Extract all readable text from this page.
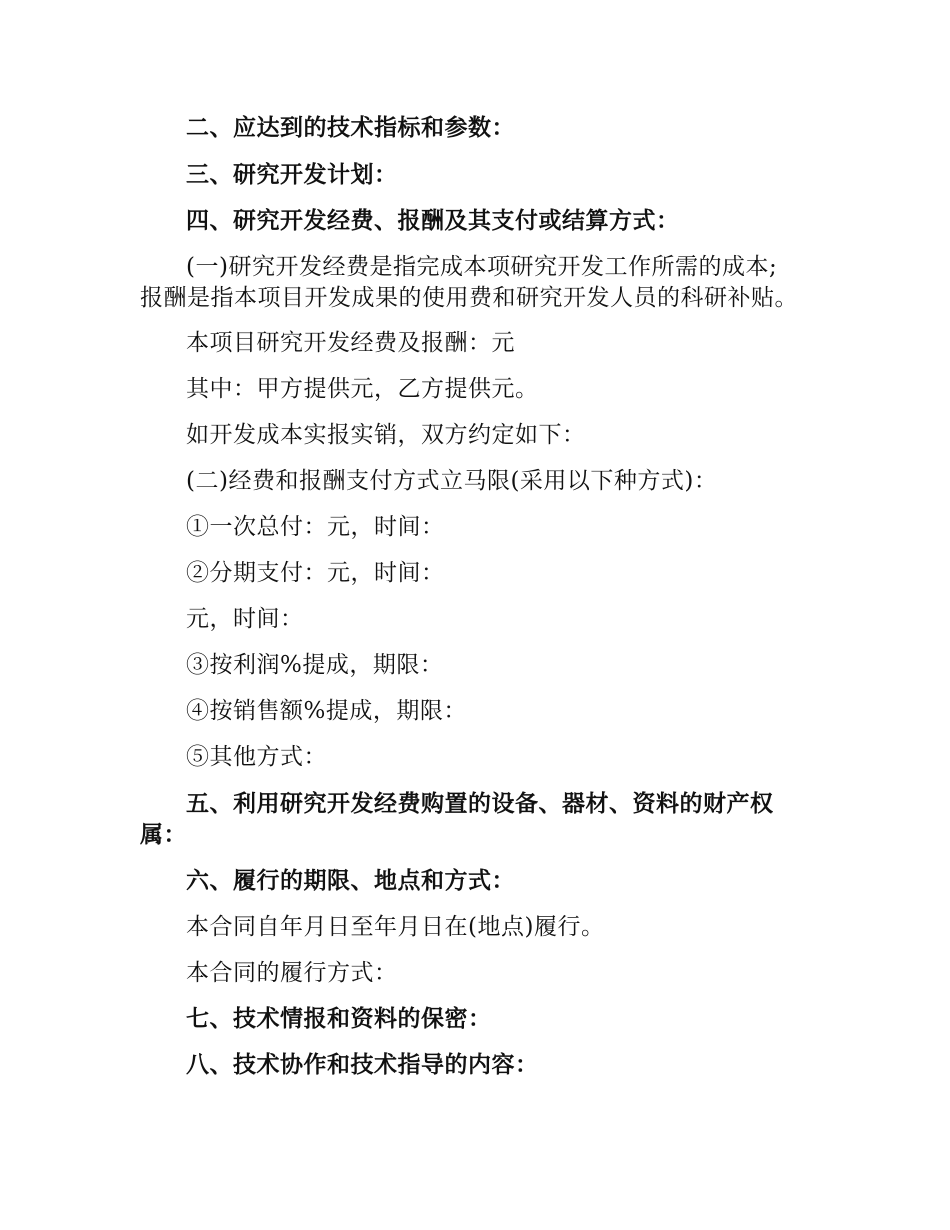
二、应达到的技术指标和参数：
三、研究开发计划：
四、研究开发经费、报酬及其支付或结算方式：
(一)研究开发经费是指完成本项研究开发工作所需的成本;
报酬是指本项目开发成果的使用费和研究开发人员的科研补贴。
本项目研究开发经费及报酬：元
其中：甲方提供元，乙方提供元。
如开发成本实报实销，双方约定如下：
(二)经费和报酬支付方式立马限(采用以下种方式)：
①一次总付：元，时间：
②分期支付：元，时间：
元，时间：
③按利润%提成，期限：
④按销售额%提成，期限：
⑤其他方式：
五、利用研究开发经费购置的设备、器材、资料的财产权
属：
六、履行的期限、地点和方式：
本合同自年月日至年月日在(地点)履行。
本合同的履行方式：
七、技术情报和资料的保密：
八、技术协作和技术指导的内容：
